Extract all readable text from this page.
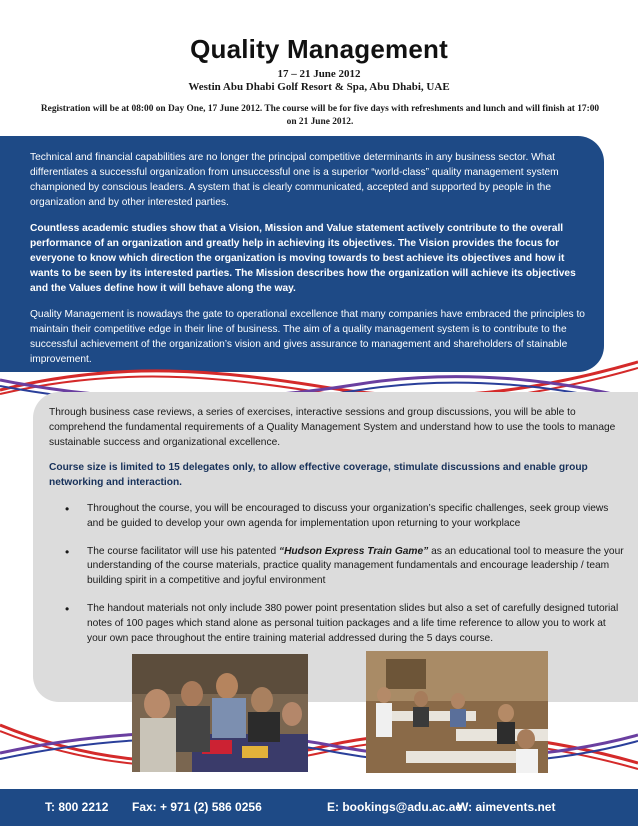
Quality Management
17 – 21 June 2012
Westin Abu Dhabi Golf Resort & Spa, Abu Dhabi, UAE
Registration will be at 08:00 on Day One, 17 June 2012. The course will be for five days with refreshments and lunch and will finish at 17:00 on 21 June 2012.

Technical and financial capabilities are no longer the principal competitive determinants in any business sector. What differentiates a successful organization from unsuccessful one is a superior “world-class” quality management system championed by conscious leaders. A system that is clearly communicated, accepted and supported by people in the organization and by other interested parties.

Countless academic studies show that a Vision, Mission and Value statement actively contribute to the overall performance of an organization and greatly help in achieving its objectives. The Vision provides the focus for everyone to know which direction the organization is moving towards to best achieve its objectives and how it wants to be seen by its interested parties. The Mission describes how the organization will achieve its objectives and the Values define how it will behave along the way.

Quality Management is nowadays the gate to operational excellence that many companies have embraced the principles to maintain their competitive edge in their line of business. The aim of a quality management system is to contribute to the successful achievement of the organization’s vision and gives assurance to management and shareholders of stainable improvement.

Through business case reviews, a series of exercises, interactive sessions and group discussions, you will be able to comprehend the fundamental requirements of a Quality Management System and understand how to use the tools to manage sustainable success and organizational excellence.

Course size is limited to 15 delegates only, to allow effective coverage, stimulate discussions and enable group networking and interaction.

• Throughout the course, you will be encouraged to discuss your organization’s specific challenges, seek group views and be guided to develop your own agenda for implementation upon returning to your workplace
• The course facilitator will use his patented “Hudson Express Train Game” as an educational tool to measure the your understanding of the course materials, practice quality management fundamentals and encourage leadership / team building spirit in a competitive and joyful environment
• The handout materials not only include 380 power point presentation slides but also a set of carefully designed tutorial notes of 100 pages which stand alone as personal tuition packages and a life time reference to allow you to work at your own pace throughout the entire training material addressed during the 5 days course.
T: 800 2212 Fax: + 971 (2) 586 0256	E: bookings@adu.ac.ae
W: aimevents.net
